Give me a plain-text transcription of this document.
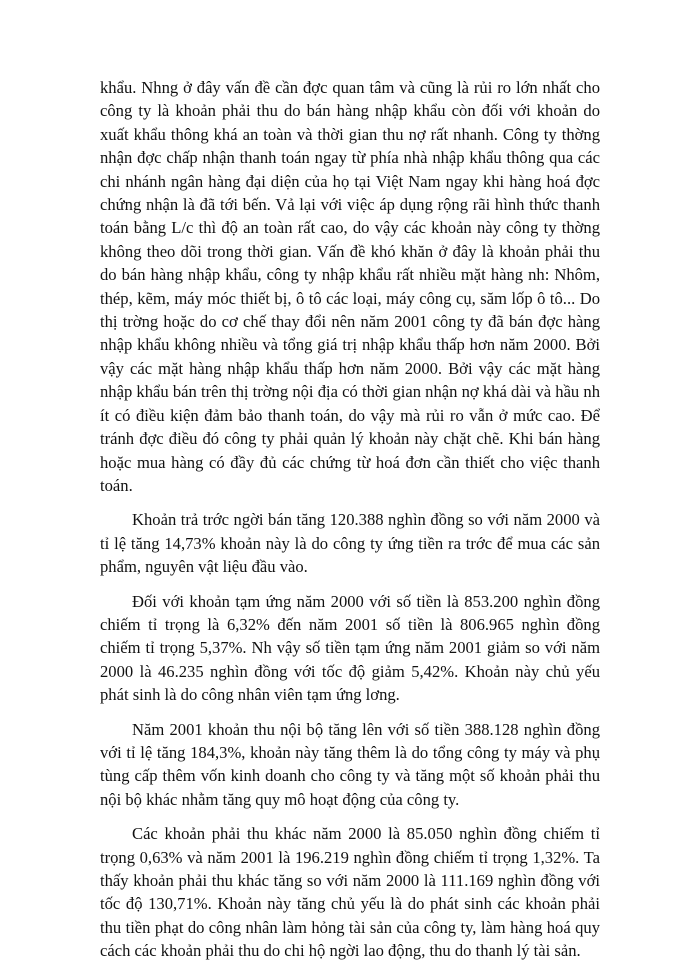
khẩu. Nhng ở đây vấn đề cần đợc quan tâm và cũng là rủi ro lớn nhất cho công ty là khoản phải thu do bán hàng nhập khẩu còn đối với khoản do xuất khẩu thông khá an toàn và thời gian thu nợ rất nhanh. Công ty thờng nhận đợc chấp nhận thanh toán ngay từ phía nhà nhập khẩu thông qua các chi nhánh ngân hàng đại diện của họ tại Việt Nam ngay khi hàng hoá đợc chứng nhận là đã tới bến. Vả lại với việc áp dụng rộng rãi hình thức thanh toán bằng L/c thì độ an toàn rất cao, do vậy các khoản này công ty thờng không theo dõi trong thời gian. Vấn đề khó khăn ở đây là khoản phải thu do bán hàng nhập khẩu, công ty nhập khẩu rất nhiều mặt hàng nh: Nhôm, thép, kẽm, máy móc thiết bị, ô tô các loại, máy công cụ, săm lốp ô tô... Do thị trờng hoặc do cơ chế thay đổi nên năm 2001 công ty đã bán đợc hàng nhập khẩu không nhiều và tổng giá trị nhập khẩu thấp hơn năm 2000. Bởi vậy các mặt hàng nhập khẩu thấp hơn năm 2000. Bởi vậy các mặt hàng nhập khẩu bán trên thị trờng nội địa có thời gian nhận nợ khá dài và hầu nh ít có điều kiện đảm bảo thanh toán, do vậy mà rủi ro vẫn ở mức cao. Để tránh đợc điều đó công ty phải quản lý khoản này chặt chẽ. Khi bán hàng hoặc mua hàng có đầy đủ các chứng từ hoá đơn cần thiết cho việc thanh toán.

Khoản trả trớc ngời bán tăng 120.388 nghìn đồng so với năm 2000 và tỉ lệ tăng 14,73% khoản này là do công ty ứng tiền ra trớc để mua các sản phẩm, nguyên vật liệu đầu vào.

Đối với khoản tạm ứng năm 2000 với số tiền là 853.200 nghìn đồng chiếm tỉ trọng là 6,32% đến năm 2001 số tiền là 806.965 nghìn đồng chiếm tỉ trọng 5,37%. Nh vậy số tiền tạm ứng năm 2001 giảm so với năm 2000 là 46.235 nghìn đồng với tốc độ giảm 5,42%. Khoản này chủ yếu phát sinh là do công nhân viên tạm ứng lơng.

Năm 2001 khoản thu nội bộ tăng lên với số tiền 388.128 nghìn đồng với tỉ lệ tăng 184,3%, khoản này tăng thêm là do tổng công ty máy và phụ tùng cấp thêm vốn kinh doanh cho công ty và tăng một số khoản phải thu nội bộ khác nhằm tăng quy mô hoạt động của công ty.

Các khoản phải thu khác năm 2000 là 85.050 nghìn đồng chiếm tỉ trọng 0,63% và năm 2001 là 196.219 nghìn đồng chiếm tỉ trọng 1,32%. Ta thấy khoản phải thu khác tăng so với năm 2000 là 111.169 nghìn đồng với tốc độ 130,71%. Khoản này tăng chủ yếu là do phát sinh các khoản phải thu tiền phạt do công nhân làm hỏng tài sản của công ty, làm hàng hoá quy cách các khoản phải thu do chi hộ ngời lao động, thu do thanh lý tài sản.
